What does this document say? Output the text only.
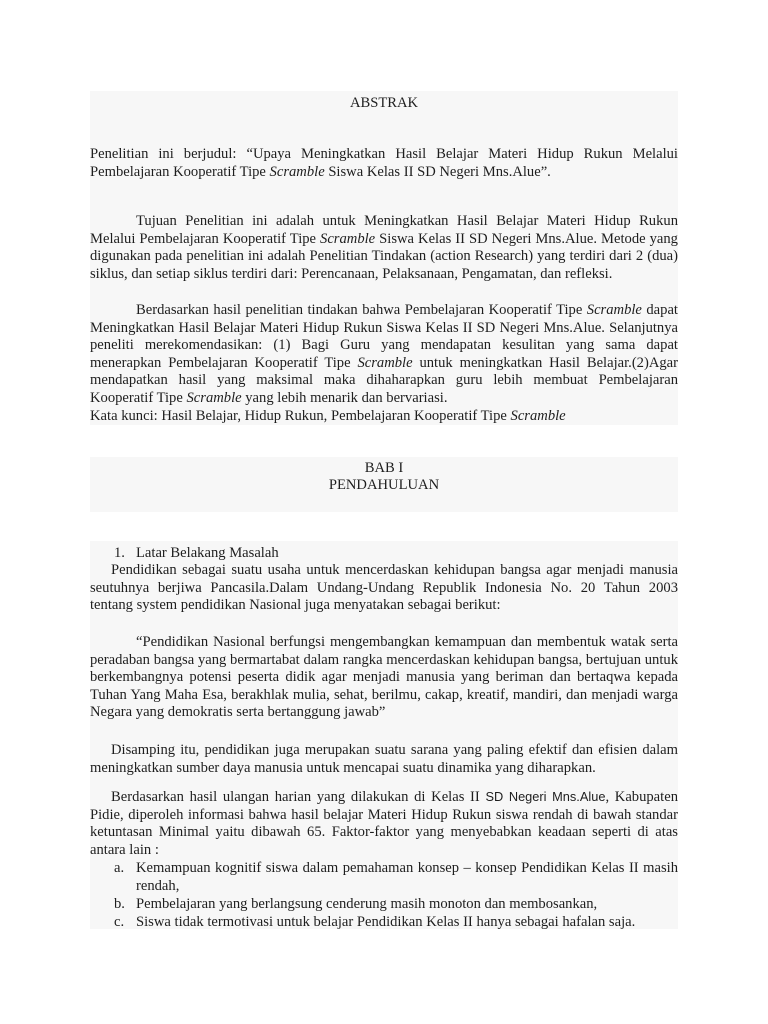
ABSTRAK

Penelitian ini berjudul: “Upaya Meningkatkan Hasil Belajar Materi Hidup Rukun Melalui Pembelajaran Kooperatif Tipe Scramble Siswa Kelas II SD Negeri Mns.Alue”.

Tujuan Penelitian ini adalah untuk Meningkatkan Hasil Belajar Materi Hidup Rukun Melalui Pembelajaran Kooperatif Tipe Scramble Siswa Kelas II SD Negeri Mns.Alue. Metode yang digunakan pada penelitian ini adalah Penelitian Tindakan (action Research) yang terdiri dari 2 (dua) siklus, dan setiap siklus terdiri dari: Perencanaan, Pelaksanaan, Pengamatan, dan refleksi.

Berdasarkan hasil penelitian tindakan bahwa Pembelajaran Kooperatif Tipe Scramble dapat Meningkatkan Hasil Belajar Materi Hidup Rukun Siswa Kelas II SD Negeri Mns.Alue. Selanjutnya peneliti merekomendasikan: (1) Bagi Guru yang mendapatan kesulitan yang sama dapat menerapkan Pembelajaran Kooperatif Tipe Scramble untuk meningkatkan Hasil Belajar.(2)Agar mendapatkan hasil yang maksimal maka dihaharapkan guru lebih membuat Pembelajaran Kooperatif Tipe Scramble yang lebih menarik dan bervariasi.

Kata kunci: Hasil Belajar, Hidup Rukun, Pembelajaran Kooperatif Tipe Scramble

BAB I
PENDAHULUAN
1. Latar Belakang Masalah

Pendidikan sebagai suatu usaha untuk mencerdaskan kehidupan bangsa agar menjadi manusia seutuhnya berjiwa Pancasila.Dalam Undang-Undang Republik Indonesia No. 20 Tahun 2003 tentang system pendidikan Nasional juga menyatakan sebagai berikut:

“Pendidikan Nasional berfungsi mengembangkan kemampuan dan membentuk watak serta peradaban bangsa yang bermartabat dalam rangka mencerdaskan kehidupan bangsa, bertujuan untuk berkembangnya potensi peserta didik agar menjadi manusia yang beriman dan bertaqwa kepada Tuhan Yang Maha Esa, berakhlak mulia, sehat, berilmu, cakap, kreatif, mandiri, dan menjadi warga Negara yang demokratis serta bertanggung jawab”

Disamping itu, pendidikan juga merupakan suatu sarana yang paling efektif dan efisien dalam meningkatkan sumber daya manusia untuk mencapai suatu dinamika yang diharapkan.

Berdasarkan hasil ulangan harian yang dilakukan di Kelas II SD Negeri Mns.Alue, Kabupaten Pidie, diperoleh informasi bahwa hasil belajar Materi Hidup Rukun siswa rendah di bawah standar ketuntasan Minimal yaitu dibawah 65. Faktor-faktor yang menyebabkan keadaan seperti di atas antara lain :

a. Kemampuan kognitif siswa dalam pemahaman konsep – konsep Pendidikan Kelas II masih rendah,
b. Pembelajaran yang berlangsung cenderung masih monoton dan membosankan,
c. Siswa tidak termotivasi untuk belajar Pendidikan Kelas II hanya sebagai hafalan saja.
